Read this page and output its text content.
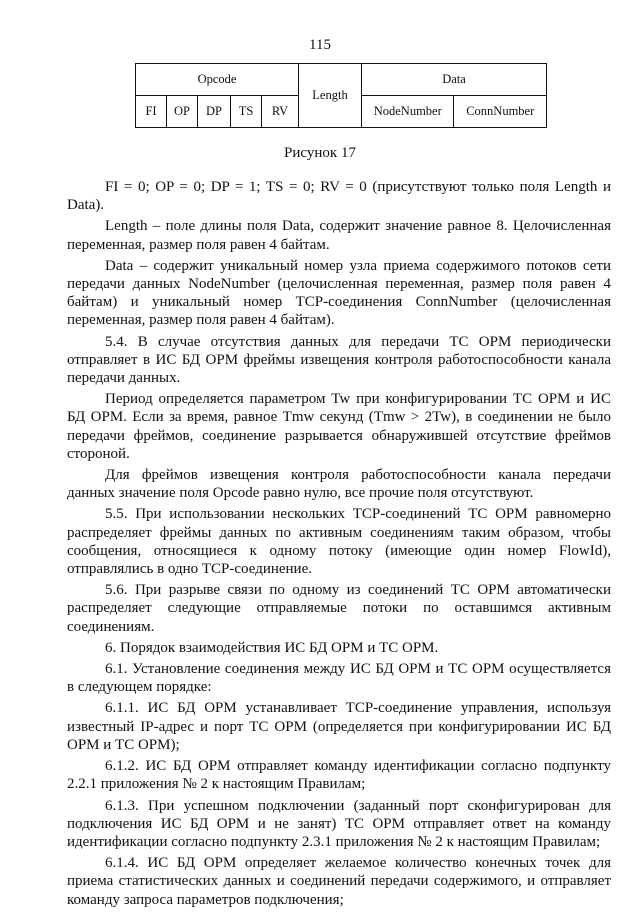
115
Opcode					Length	Data	
FI	OP	DP	TS	RV		NodeNumber	ConnNumber
Рисунок 17

FI = 0; OP = 0; DP = 1; TS = 0; RV = 0 (присутствуют только поля Length и Data).

Length – поле длины поля Data, содержит значение равное 8. Целочисленная переменная, размер поля равен 4 байтам.

Data – содержит уникальный номер узла приема содержимого потоков сети передачи данных NodeNumber (целочисленная переменная, размер поля равен 4 байтам) и уникальный номер TCP-соединения ConnNumber (целочисленная переменная, размер поля равен 4 байтам).

5.4. В случае отсутствия данных для передачи ТС ОРМ периодически отправляет в ИС БД ОРМ фреймы извещения контроля работоспособности канала передачи данных.

Период определяется параметром Tw при конфигурировании ТС ОРМ и ИС БД ОРМ. Если за время, равное Tmw секунд (Tmw > 2Tw), в соединении не было передачи фреймов, соединение разрывается обнаружившей отсутствие фреймов стороной.

Для фреймов извещения контроля работоспособности канала передачи данных значение поля Opcode равно нулю, все прочие поля отсутствуют.

5.5. При использовании нескольких TCP-соединений ТС ОРМ равномерно распределяет фреймы данных по активным соединениям таким образом, чтобы сообщения, относящиеся к одному потоку (имеющие один номер FlowId), отправлялись в одно TCP-соединение.

5.6. При разрыве связи по одному из соединений ТС ОРМ автоматически распределяет следующие отправляемые потоки по оставшимся активным соединениям.

6. Порядок взаимодействия ИС БД ОРМ и ТС ОРМ.

6.1. Установление соединения между ИС БД ОРМ и ТС ОРМ осуществляется в следующем порядке:

6.1.1. ИС БД ОРМ устанавливает TCP-соединение управления, используя известный IP-адрес и порт ТС ОРМ (определяется при конфигурировании ИС БД ОРМ и ТС ОРМ);

6.1.2. ИС БД ОРМ отправляет команду идентификации согласно подпункту 2.2.1 приложения № 2 к настоящим Правилам;

6.1.3. При успешном подключении (заданный порт сконфигурирован для подключения ИС БД ОРМ и не занят) ТС ОРМ отправляет ответ на команду идентификации согласно подпункту 2.3.1 приложения № 2 к настоящим Правилам;

6.1.4. ИС БД ОРМ определяет желаемое количество конечных точек для приема статистических данных и соединений передачи содержимого, и отправляет команду запроса параметров подключения;
